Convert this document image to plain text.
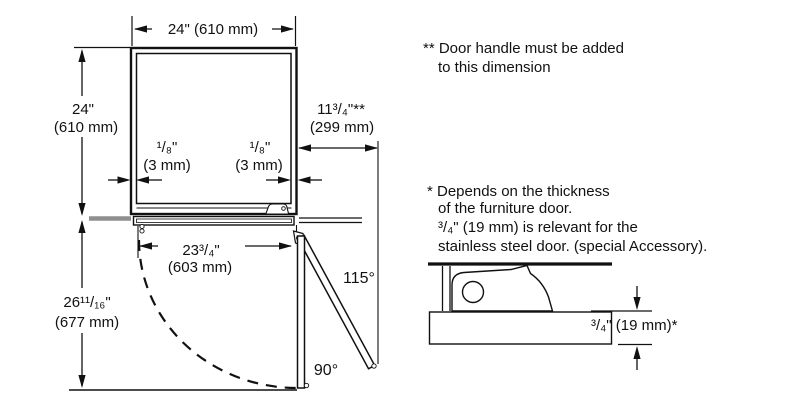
24" (610 mm)
24"
(610 mm)
¹/₈"
(3 mm)
¹/₈"
(3 mm)
11³/₄"**
(299 mm)
23³/₄"
(603 mm)
26¹¹/₁₆"
(677 mm)
115°
90°
** Door handle must be added
to this dimension
* Depends on the thickness
of the furniture door.
³/₄" (19 mm) is relevant for the
stainless steel door. (special Accessory).
³/₄" (19 mm)*
